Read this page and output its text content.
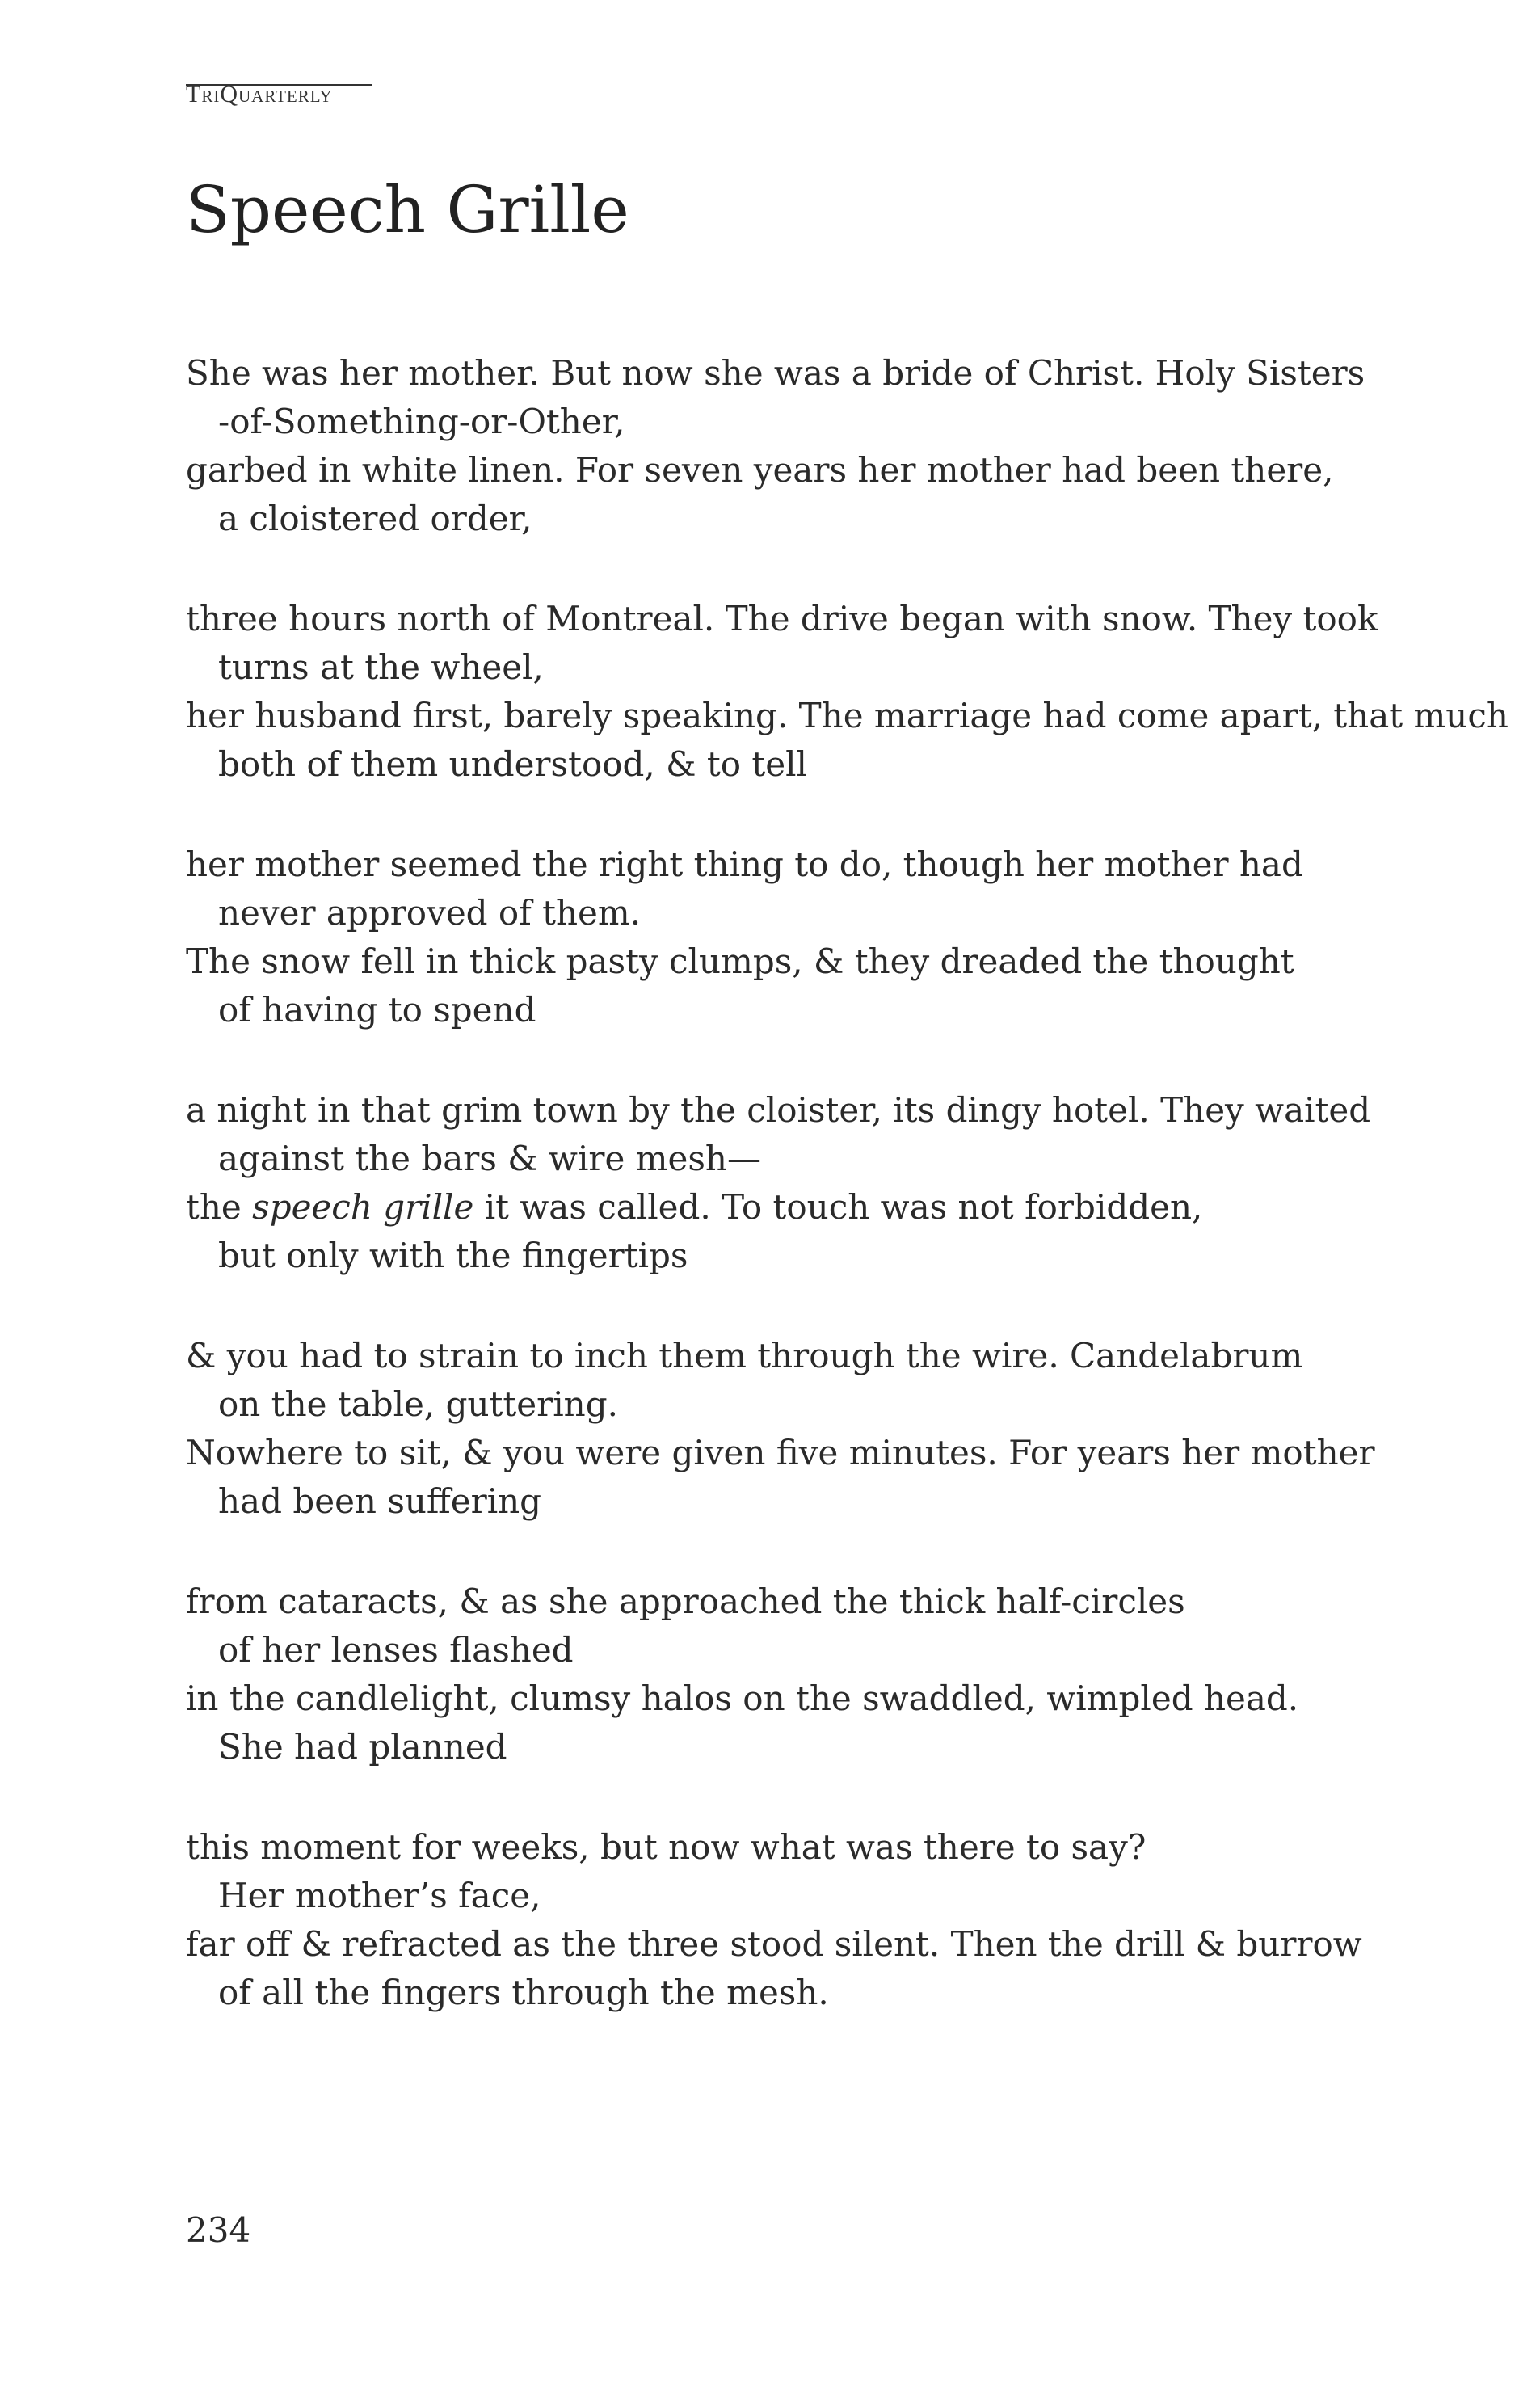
TriQuarterly
Speech Grille
She was her mother. But now she was a bride of Christ. Holy Sisters
-of-Something-or-Other,
garbed in white linen. For seven years her mother had been there,
a cloistered order,
three hours north of Montreal. The drive began with snow. They took
turns at the wheel,
her husband first, barely speaking. The marriage had come apart, that much
both of them understood, & to tell
her mother seemed the right thing to do, though her mother had
never approved of them.
The snow fell in thick pasty clumps, & they dreaded the thought
of having to spend
a night in that grim town by the cloister, its dingy hotel. They waited
against the bars & wire mesh—
the speech grille it was called. To touch was not forbidden,
but only with the fingertips
& you had to strain to inch them through the wire. Candelabrum
on the table, guttering.
Nowhere to sit, & you were given five minutes. For years her mother
had been suffering
from cataracts, & as she approached the thick half-circles
of her lenses flashed
in the candlelight, clumsy halos on the swaddled, wimpled head.
She had planned
this moment for weeks, but now what was there to say?
Her mother’s face,
far off & refracted as the three stood silent. Then the drill & burrow
of all the fingers through the mesh.
234
